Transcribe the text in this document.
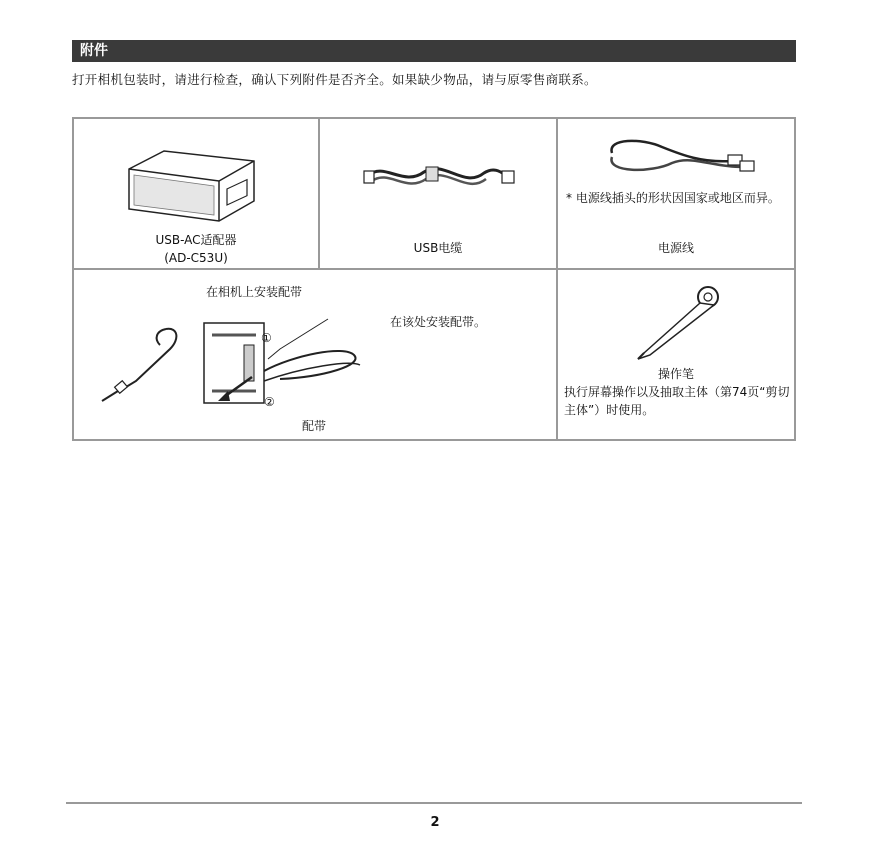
附件
打开相机包装时，请进行检查，确认下列附件是否齐全。如果缺少物品，请与原零售商联系。
USB-AC适配器
(AD-C53U)
USB电缆
* 电源线插头的形状因国家或地区而异。
电源线
在相机上安装配带
①
②
在该处安装配带。
配带
操作笔
执行屏幕操作以及抽取主体（第74页“剪切主体”）时使用。
2
